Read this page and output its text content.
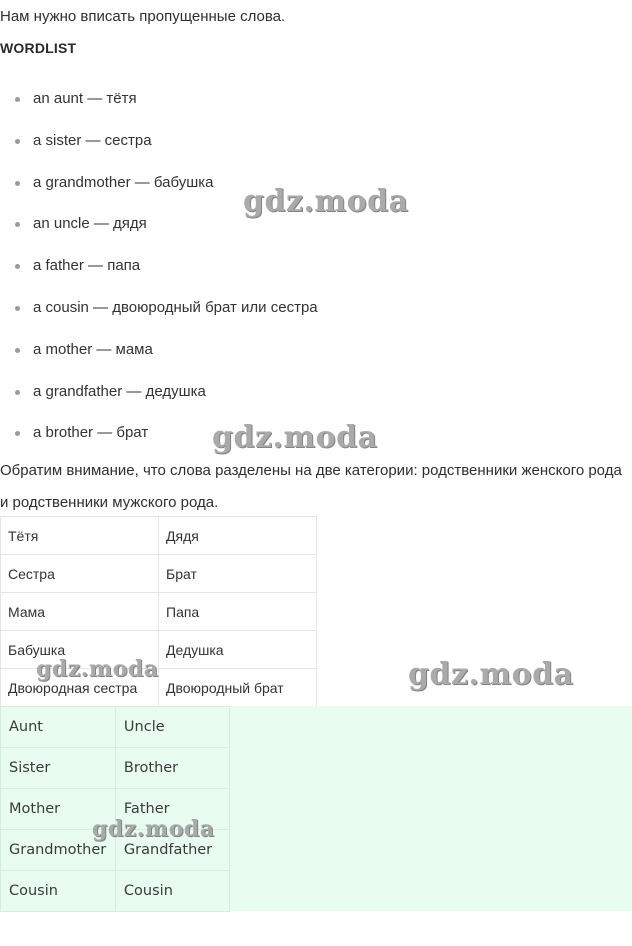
Нам нужно вписать пропущенные слова.
WORDLIST
an aunt — тётя
a sister — сестра
a grandmother — бабушка
an uncle — дядя
a father — папа
a cousin — двоюродный брат или сестра
a mother — мама
a grandfather — дедушка
a brother — брат
Обратим внимание, что слова разделены на две категории: родственники женского рода и родственники мужского рода.
Тётя	Дядя
Сестра	Брат
Мама	Папа
Бабушка	Дедушка
Двоюродная сестра	Двоюродный брат
Aunt	Uncle
Sister	Brother
Mother	Father
Grandmother	Grandfather
Cousin	Cousin
gdz.moda
gdz.moda
gdz.moda
gdz.moda
gdz.moda
